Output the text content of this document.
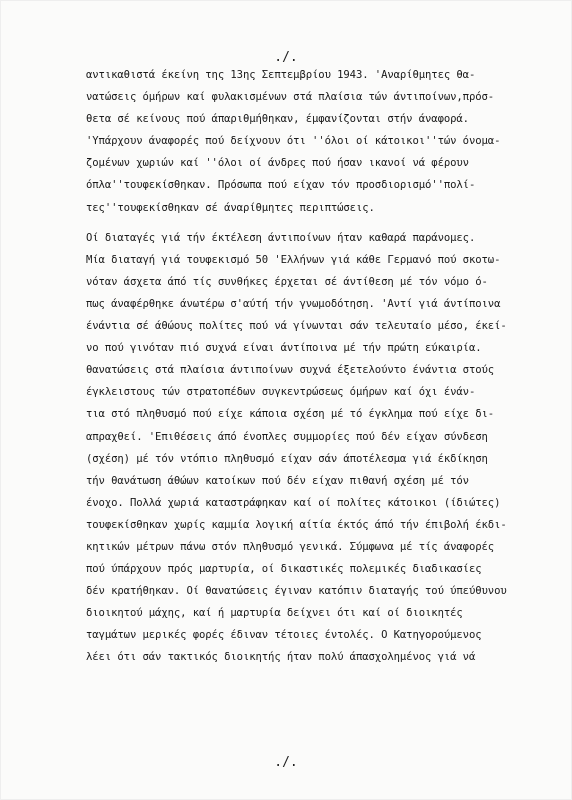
./.
αντικαθιστά έκείνη της 13ης Σεπτεμβρίου 1943. 'Αναρίθμητες θα-
νατώσεις όμήρων καί φυλακισμένων στά πλαίσια τών άντιποίνων,πρόσ-
θετα σέ κείνους πού άπαριθμήθηκαν, έμφανίζονται στήν άναφορά.
'Υπάρχουν άναφορές πού δείχνουν ότι ''όλοι οί κάτοικοι''τών όνομα-
ζομένων χωριών καί ''όλοι οί άνδρες πού ήσαν ικανοί νά φέρουν
όπλα''τουφεκίσθηκαν. Πρόσωπα πού είχαν τόν προσδιορισμό''πολί-
τες''τουφεκίσθηκαν σέ άναρίθμητες περιπτώσεις.
Οί διαταγές γιά τήν έκτέλεση άντιποίνων ήταν καθαρά παράνομες.
Μία διαταγή γιά τουφεκισμό 50 'Ελλήνων γιά κάθε Γερμανό πού σκοτω-
νόταν άσχετα άπό τίς συνθήκες έρχεται σέ άντίθεση μέ τόν νόμο ό-
πως άναφέρθηκε άνωτέρω σ'αύτή τήν γνωμοδότηση. 'Αντί γιά άντίποινα
ένάντια σέ άθώους πολίτες πού νά γίνωνται σάν τελευταίο μέσο, έκεί-
νο πού γινόταν πιό συχνά είναι άντίποινα μέ τήν πρώτη εύκαιρία.
θανατώσεις στά πλαίσια άντιποίνων συχνά έξετελούντο ένάντια στούς
έγκλειστους τών στρατοπέδων συγκεντρώσεως όμήρων καί όχι ένάν-
τια στό πληθυσμό πού είχε κάποια σχέση μέ τό έγκλημα πού είχε δι-
απραχθεί. 'Επιθέσεις άπό ένοπλες συμμορίες πού δέν είχαν σύνδεση
(σχέση) μέ τόν ντόπιο πληθυσμό είχαν σάν άποτέλεσμα γιά έκδίκηση
τήν θανάτωση άθώων κατοίκων πού δέν είχαν πιθανή σχέση μέ τόν
ένοχο. Πολλά χωριά καταστράφηκαν καί οί πολίτες κάτοικοι (ίδιώτες)
τουφεκίσθηκαν χωρίς καμμία λογική αίτία έκτός άπό τήν έπιβολή έκδι-
κητικών μέτρων πάνω στόν πληθυσμό γενικά. Σύμφωνα μέ τίς άναφορές
πού ύπάρχουν πρός μαρτυρία, οί δικαστικές πολεμικές διαδικασίες
δέν κρατήθηκαν. Οί θανατώσεις έγιναν κατόπιν διαταγής τού ύπεύθυνου
διοικητού μάχης, καί ή μαρτυρία δείχνει ότι καί οί διοικητές
ταγμάτων μερικές φορές έδιναν τέτοιες έντολές. Ο Κατηγορούμενος
λέει ότι σάν τακτικός διοικητής ήταν πολύ άπασχολημένος γιά νά
./.
